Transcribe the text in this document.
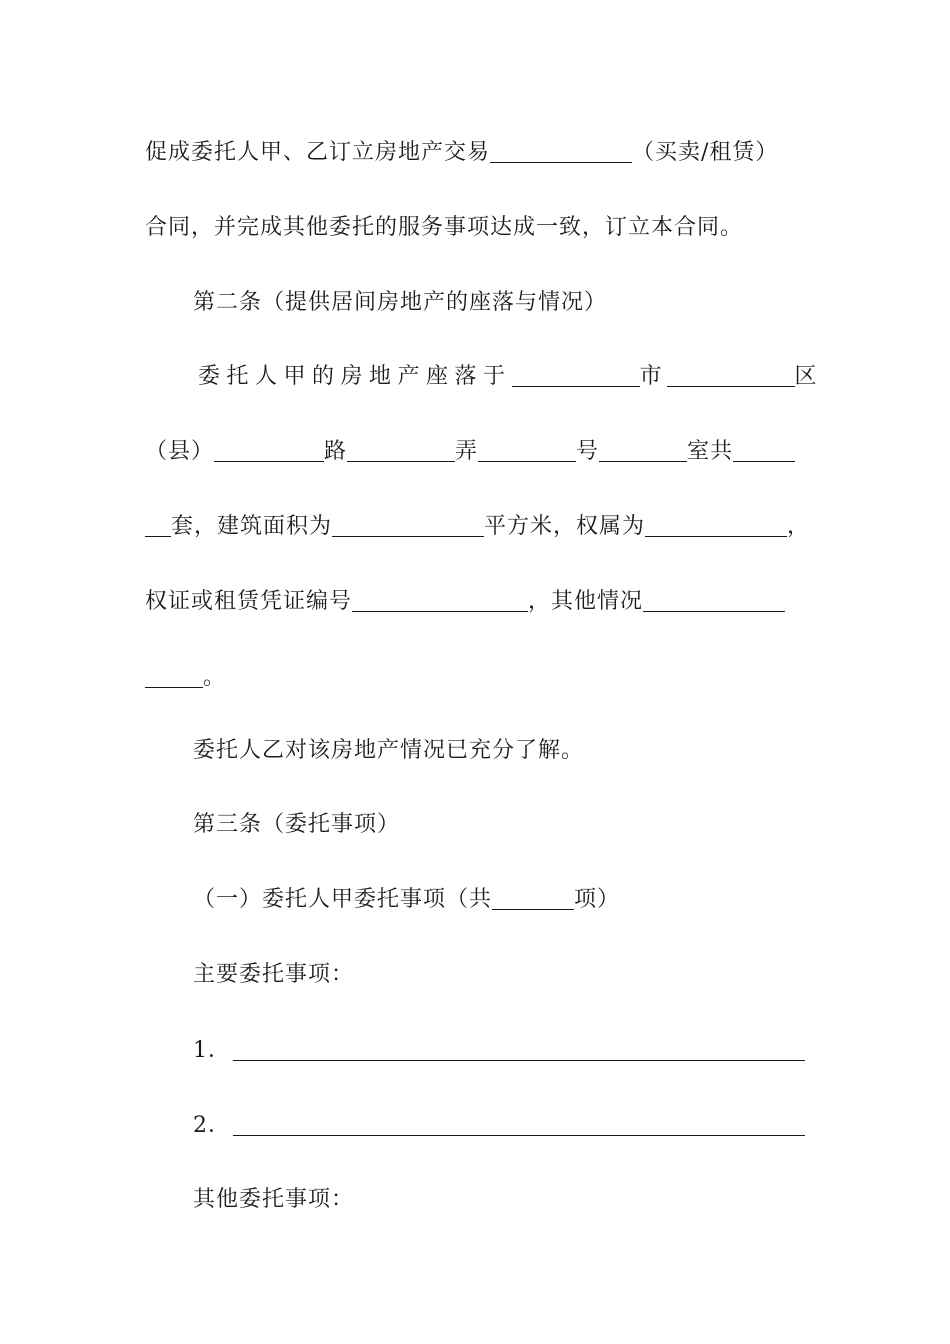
促成委托人甲、乙订立房地产交易	（买卖/租赁）
合同，并完成其他委托的服务事项达成一致，订立本合同。
第二条（提供居间房地产的座落与情况）
委托人甲的房地产座落于	市	区
（县）	路	弄	号	室共
套，建筑面积为	平方米，权属为	，
权证或租赁凭证编号	，其他情况
。
委托人乙对该房地产情况已充分了解。
第三条（委托事项）
（一）委托人甲委托事项（共	项）
主要委托事项：
1．
2．
其他委托事项：
